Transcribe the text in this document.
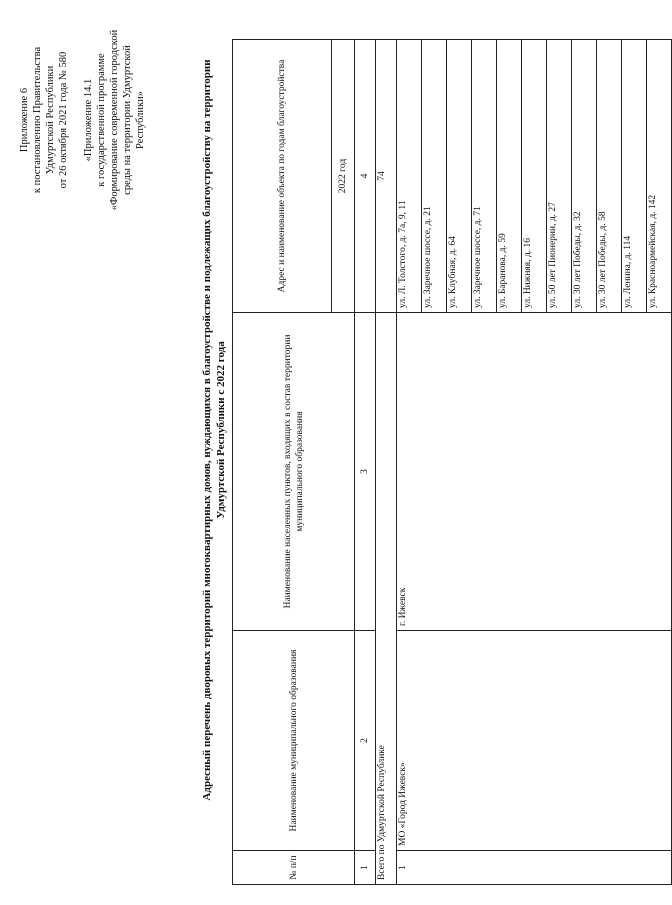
Приложение 6 к постановлению Правительства Удмуртской Республики от 26 октября 2021 года № 580 «Приложение 14.1 к государственной программе «Формирование современной городской среды на территории Удмуртской Республики»	Адресный перечень дворовых территорий многоквартирных домов, нуждающихся в благоустройстве и подлежащих благоустройству на территории Удмуртской Республики с 2022 года
№ п/п	Наименование муниципального образования	Наименование населенных пунктов, входящих в состав территории муниципального образования	Адрес и наименование объекта по годам благоустройства
			2022 год
1	2	3	4
Всего по Удмуртской Республике			74
1	МО «Город Ижевск»	г. Ижевск	ул. Л. Толстого, д. 7а, 9, 11
			ул. Заречное шоссе, д. 21
			ул. Клубная, д. 64
			ул. Заречное шоссе, д. 71
			ул. Баранова, д. 59
			ул. Нижняя, д. 16
			ул. 50 лет Пионерии, д. 27
			ул. 30 лет Победы, д. 32
			ул. 30 лет Победы, д. 58
			ул. Ленина, д. 114
			ул. Красноармейская, д. 142
